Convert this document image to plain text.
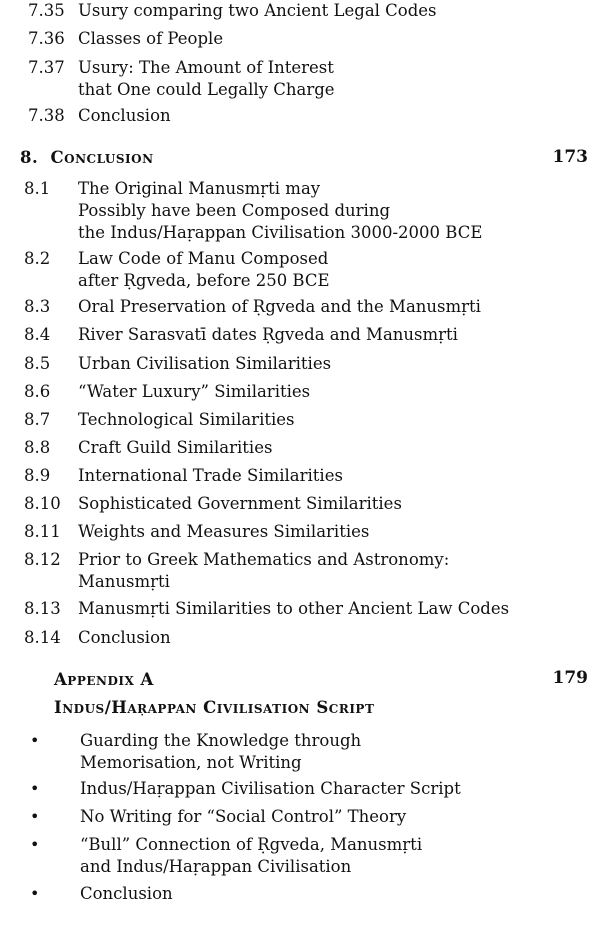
7.35 Usury comparing two Ancient Legal Codes
7.36 Classes of People
7.37 Usury: The Amount of Interest
that One could Legally Charge
7.38 Conclusion
8. Conclusion	173
8.1 The Original Manusmṛti may
Possibly have been Composed during
the Indus/Haṛappan Civilisation 3000-2000 BCE
8.2 Law Code of Manu Composed
after Ṛgveda, before 250 BCE
8.3 Oral Preservation of Ṛgveda and the Manusmṛti
8.4 River Sarasvatī dates Ṛgveda and Manusmṛti
8.5 Urban Civilisation Similarities
8.6 “Water Luxury” Similarities
8.7 Technological Similarities
8.8 Craft Guild Similarities
8.9 International Trade Similarities
8.10 Sophisticated Government Similarities
8.11 Weights and Measures Similarities
8.12 Prior to Greek Mathematics and Astronomy:
Manusmṛti
8.13 Manusmṛti Similarities to other Ancient Law Codes
8.14 Conclusion
Appendix A	179
Indus/Haṛappan Civilisation Script
• Guarding the Knowledge through
Memorisation, not Writing
• Indus/Haṛappan Civilisation Character Script
• No Writing for “Social Control” Theory
• “Bull” Connection of Ṛgveda, Manusmṛti
and Indus/Haṛappan Civilisation
• Conclusion
